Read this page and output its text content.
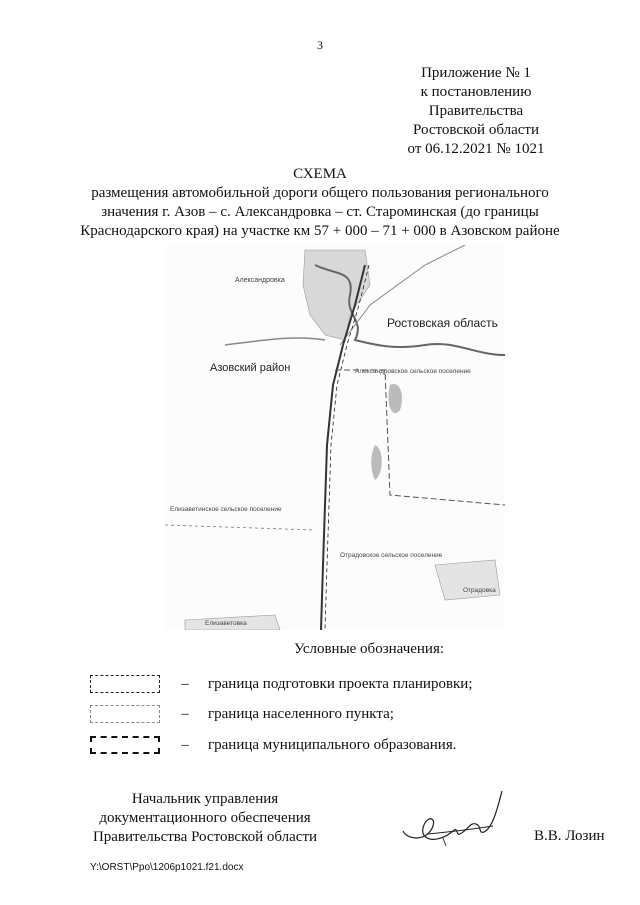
3
Приложение № 1
к постановлению
Правительства
Ростовской области
от 06.12.2021 № 1021
СХЕМА
размещения автомобильной дороги общего пользования регионального
значения г. Азов – с. Александровка – ст. Староминская (до границы
Краснодарского края) на участке км 57 + 000 – 71 + 000 в Азовском районе
Александровка
Ростовская область
Азовский район	Александровское сельское поселение
Елизаветинское сельское поселение
Отрадовское сельское поселение
Отрадовка
Елизаветовка
Условные обозначения:
– граница подготовки проекта планировки;
– граница населенного пункта;
– граница муниципального образования.
Начальник управления
документационного обеспечения
Правительства Ростовской области	В.В. Лозин
Y:\ORST\Ppo\1206p1021.f21.docx
